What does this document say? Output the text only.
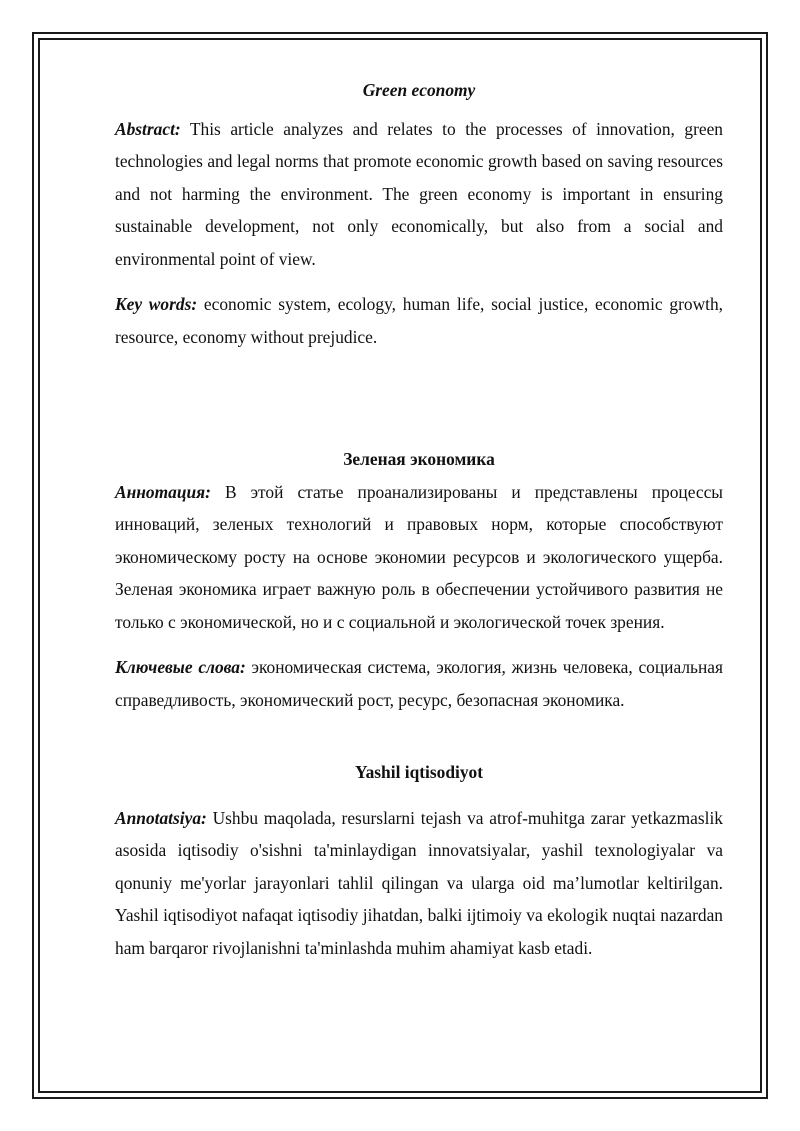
Green economy

Abstract: This article analyzes and relates to the processes of innovation, green technologies and legal norms that promote economic growth based on saving resources and not harming the environment. The green economy is important in ensuring sustainable development, not only economically, but also from a social and environmental point of view.

Key words: economic system, ecology, human life, social justice, economic growth, resource, economy without prejudice.

Зеленая экономика

Аннотация: В этой статье проанализированы и представлены процессы инноваций, зеленых технологий и правовых норм, которые способствуют экономическому росту на основе экономии ресурсов и экологического ущерба. Зеленая экономика играет важную роль в обеспечении устойчивого развития не только с экономической, но и с социальной и экологической точек зрения.

Ключевые слова: экономическая система, экология, жизнь человека, социальная справедливость, экономический рост, ресурс, безопасная экономика.

Yashil iqtisodiyot

Annotatsiya: Ushbu maqolada, resurslarni tejash va atrof-muhitga zarar yetkazmaslik asosida iqtisodiy o'sishni ta'minlaydigan innovatsiyalar, yashil texnologiyalar va qonuniy me'yorlar jarayonlari tahlil qilingan va ularga oid ma’lumotlar keltirilgan. Yashil iqtisodiyot nafaqat iqtisodiy jihatdan, balki ijtimoiy va ekologik nuqtai nazardan ham barqaror rivojlanishni ta'minlashda muhim ahamiyat kasb etadi.
